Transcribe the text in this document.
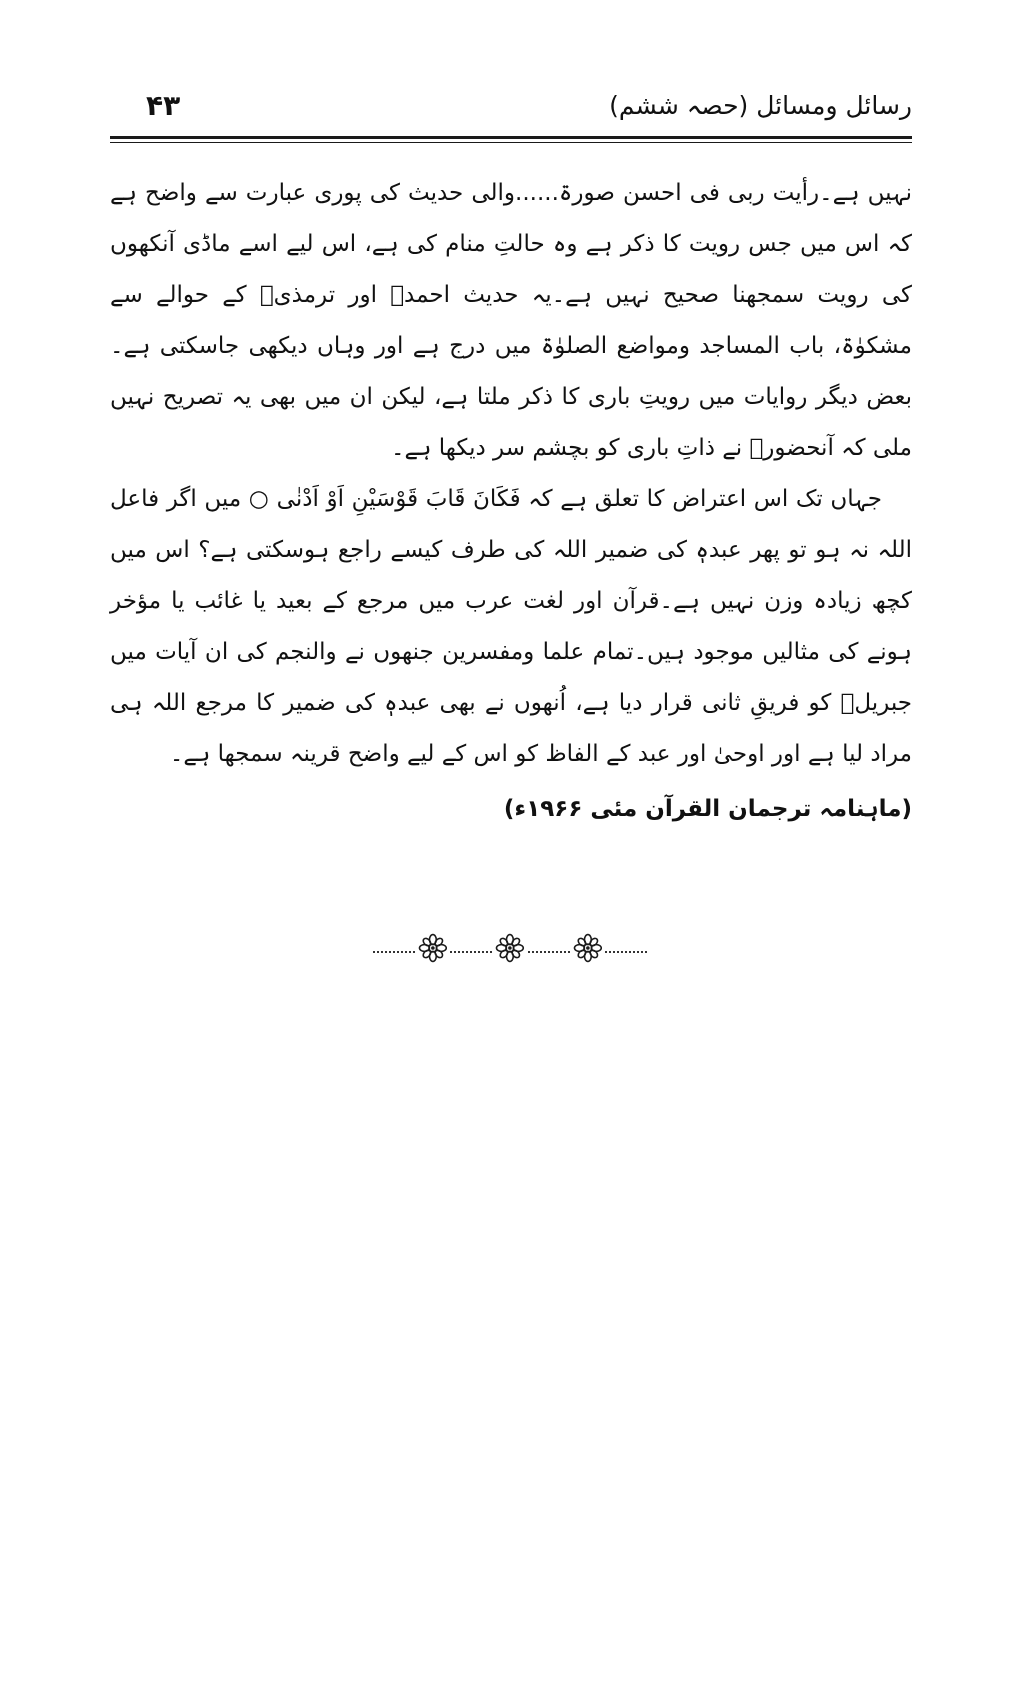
رسائل ومسائل (حصہ ششم)
۴۳

نہیں ہے۔رأیت ربی فی احسن صورۃ......والی حدیث کی پوری عبارت سے واضح ہے کہ اس میں جس رویت کا ذکر ہے وہ حالتِ منام کی ہے، اس لیے اسے ماڈی آنکھوں کی رویت سمجھنا صحیح نہیں ہے۔یہ حدیث احمدؒ اور ترمذیؒ کے حوالے سے مشکوٰۃ، باب المساجد ومواضع الصلوٰۃ میں درج ہے اور وہاں دیکھی جاسکتی ہے۔بعض دیگر روایات میں رویتِ باری کا ذکر ملتا ہے، لیکن ان میں بھی یہ تصریح نہیں ملی کہ آنحضورؐ نے ذاتِ باری کو بچشم سر دیکھا ہے۔

جہاں تک اس اعتراض کا تعلق ہے کہ فَكَانَ قَابَ قَوْسَيْنِ اَوْ اَدْنٰى ○ میں اگر فاعل اللہ نہ ہو تو پھر عبدہٖ کی ضمیر اللہ کی طرف کیسے راجع ہوسکتی ہے؟ اس میں کچھ زیادہ وزن نہیں ہے۔قرآن اور لغت عرب میں مرجع کے بعید یا غائب یا مؤخر ہونے کی مثالیں موجود ہیں۔تمام علما ومفسرین جنھوں نے والنجم کی ان آیات میں جبریلؑ کو فریقِ ثانی قرار دیا ہے، اُنھوں نے بھی عبدہٖ کی ضمیر کا مرجع اللہ ہی مراد لیا ہے اور اوحیٰ اور عبد کے الفاظ کو اس کے لیے واضح قرینہ سمجھا ہے۔

(ماہنامہ ترجمان القرآن مئی ۱۹۶۶ء)
